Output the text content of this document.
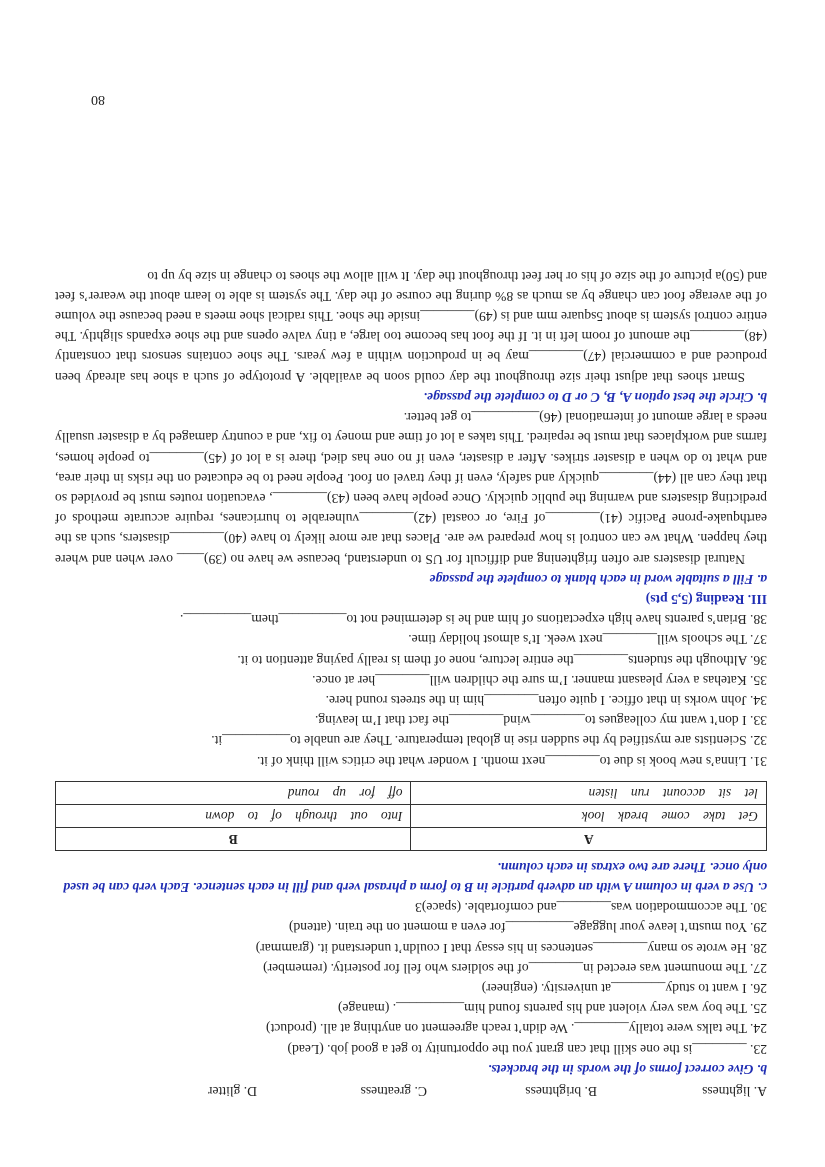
A. lightness
B. brightness
C. greatness
D. glitter
b. Give correct forms of the words in the brackets.
23. ________is the one skill that can grant you the opportunity to get a good job. (Lead)
24. The talks were totally________. We didn’t reach agreement on anything at all. (product)
25. The boy was very violent and his parents found him__________. (manage)
26. I want to study________at university. (engineer)
27. The monument was erected in________of the soldiers who fell for posterity. (remember)
28. He wrote so many________sentences in his essay that I couldn’t understand it. (grammar)
29. You mustn’t leave your luggage__________for even a moment on the train. (attend)
30. The accommodation was________and comfortable. (space)3
c. Use a verb in column A with an adverb particle in B to form a phrasal verb and fill in each sentence. Each verb can be used only once. There are two extras in each column.
A	B
Get take come break look	Into out through of to down
let sit account run listen	off for up round
31. Linna’s new book is due to________next month. I wonder what the critics will think of it.
32. Scientists are mystified by the sudden rise in global temperature. They are unable to__________it.
33. I don’t want my colleagues to________wind________the fact that I’m leaving.
34. John works in that office. I quite often________him in the streets round here.
35. Katehas a very pleasant manner. I’m sure the children will________her at once.
36. Although the students________the entire lecture, none of them is really paying attention to it.
37. The schools will________next week. It’s almost holiday time.
38. Brian’s parents have high expectations of him and he is determined not to__________them__________.
III. Reading (5,5 pts)
a. Fill a suitable word in each blank to complete the passage

Natural disasters are often frightening and difficult for US to understand, because we have no (39)____ over when and where they happen. What we can control is how prepared we are. Places that are more likely to have (40)________disasters, such as the earthquake-prone Pacific (41)________of Fire, or coastal (42)________vulnerable to hurricanes, require accurate methods of predicting disasters and warning the public quickly. Once people have been (43)________, evacuation routes must be provided so that they can all (44)________quickly and safely, even if they travel on foot. People need to be educated on the risks in their area, and what to do when a disaster strikes. After a disaster, even if no one has died, there is a lot of (45)________to people homes, farms and workplaces that must be repaired. This takes a lot of time and money to fix, and a country damaged by a disaster usually needs a large amount of international (46)__________to get better.

b. Circle the best option A, B, C or D to complete the passage.

Smart shoes that adjust their size throughout the day could soon be available. A prototype of such a shoe has already been produced and a commercial (47)________may be in production within a few years. The shoe contains sensors that constantly (48)________the amount of room left in it. If the foot has become too large, a tiny valve opens and the shoe expands slightly. The entire control system is about 5square mm and is (49)________inside the shoe. This radical shoe meets a need because the volume of the average foot can change by as much as 8% during the course of the day. The system is able to learn about the wearer’s feet and (50)a picture of the size of his or her feet throughout the day. It will allow the shoes to change in size by up to

80
